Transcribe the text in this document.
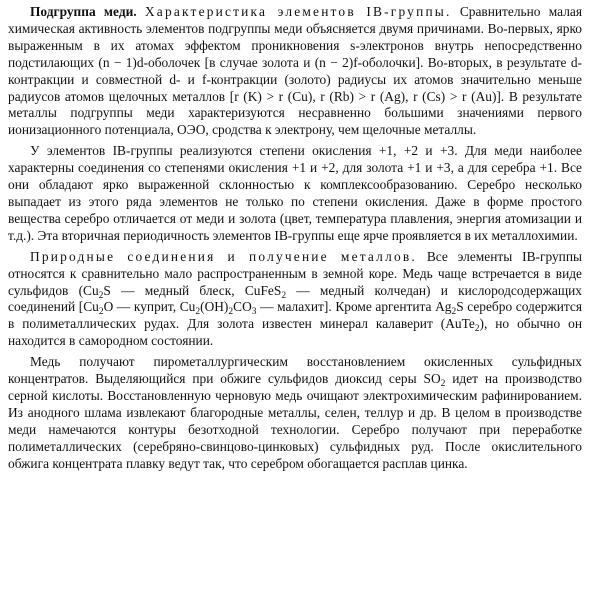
Подгруппа меди. Характеристика элементов IB-группы. Сравнительно малая химическая активность элементов подгруппы меди объясняется двумя причинами. Во-первых, ярко выраженным в их атомах эффектом проникновения s-электронов внутрь непосредственно подстилающих (n − 1)d-оболочек [в случае золота и (n − 2)f-оболочки]. Во-вторых, в результате d-контракции и совместной d- и f-контракции (золото) радиусы их атомов значительно меньше радиусов атомов щелочных металлов [r (K) > r (Cu), r (Rb) > r (Ag), r (Cs) > r (Au)]. В результате металлы подгруппы меди характеризуются несравненно большими значениями первого ионизационного потенциала, ОЭО, сродства к электрону, чем щелочные металлы.

У элементов IB-группы реализуются степени окисления +1, +2 и +3. Для меди наиболее характерны соединения со степенями окисления +1 и +2, для золота +1 и +3, а для серебра +1. Все они обладают ярко выраженной склонностью к комплексообразованию. Серебро несколько выпадает из этого ряда элементов не только по степени окисления. Даже в форме простого вещества серебро отличается от меди и золота (цвет, температура плавления, энергия атомизации и т.д.). Эта вторичная периодичность элементов IB-группы еще ярче проявляется в их металлохимии.

Природные соединения и получение металлов. Все элементы IB-группы относятся к сравнительно мало распространенным в земной коре. Медь чаще встречается в виде сульфидов ($Cu_2S$ — медный блеск, CuFeS$_2$ — медный колчедан) и кислородсодержащих соединений [$Cu_2O$ — куприт, $Cu_2(OH)_2CO_3$ — малахит]. Кроме аргентита $Ag_2S$ серебро содержится в полиметаллических рудах. Для золота известен минерал калаверит (AuTe$_2$), но обычно он находится в самородном состоянии.

Медь получают пирометаллургическим восстановлением окисленных сульфидных концентратов. Выделяющийся при обжиге сульфидов диоксид серы $SO_2$ идет на производство серной кислоты. Восстановленную черновую медь очищают электрохимическим рафинированием. Из анодного шлама извлекают благородные металлы, селен, теллур и др. В целом в производстве меди намечаются контуры безотходной технологии. Серебро получают при переработке полиметаллических (серебряно-свинцово-цинковых) сульфидных руд. После окислительного обжига концентрата плавку ведут так, что серебром обогащается расплав цинка.
